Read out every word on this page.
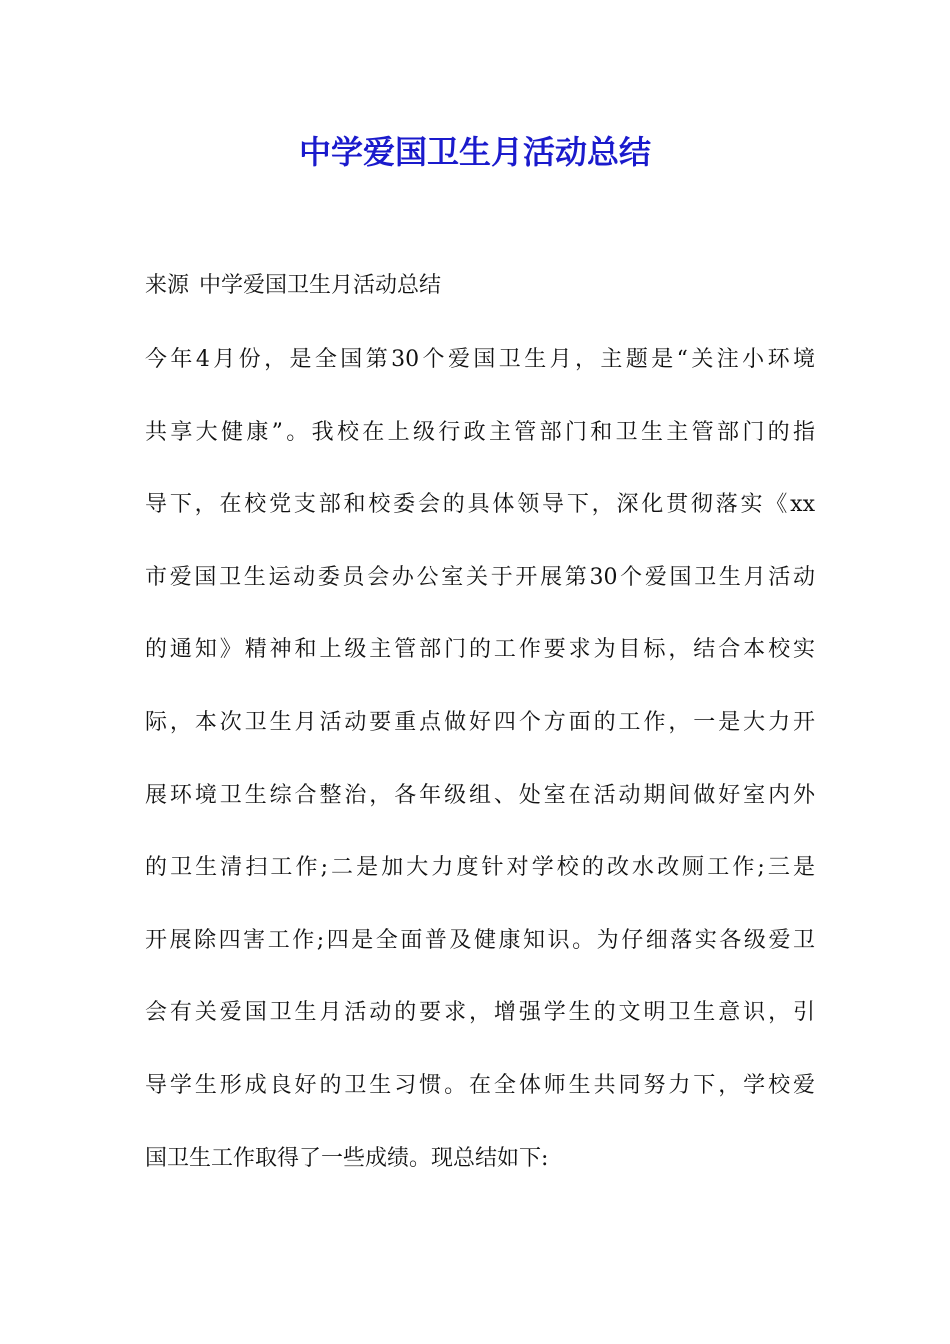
中学爱国卫生月活动总结

来源 中学爱国卫生月活动总结

今年4月份，是全国第30个爱国卫生月，主题是“关注小环境
共享大健康”。我校在上级行政主管部门和卫生主管部门的指
导下，在校党支部和校委会的具体领导下，深化贯彻落实《xx
市爱国卫生运动委员会办公室关于开展第30个爱国卫生月活动
的通知》精神和上级主管部门的工作要求为目标，结合本校实
际，本次卫生月活动要重点做好四个方面的工作，一是大力开
展环境卫生综合整治，各年级组、处室在活动期间做好室内外
的卫生清扫工作;二是加大力度针对学校的改水改厕工作;三是
开展除四害工作;四是全面普及健康知识。为仔细落实各级爱卫
会有关爱国卫生月活动的要求，增强学生的文明卫生意识，引
导学生形成良好的卫生习惯。在全体师生共同努力下，学校爱
国卫生工作取得了一些成绩。现总结如下:
